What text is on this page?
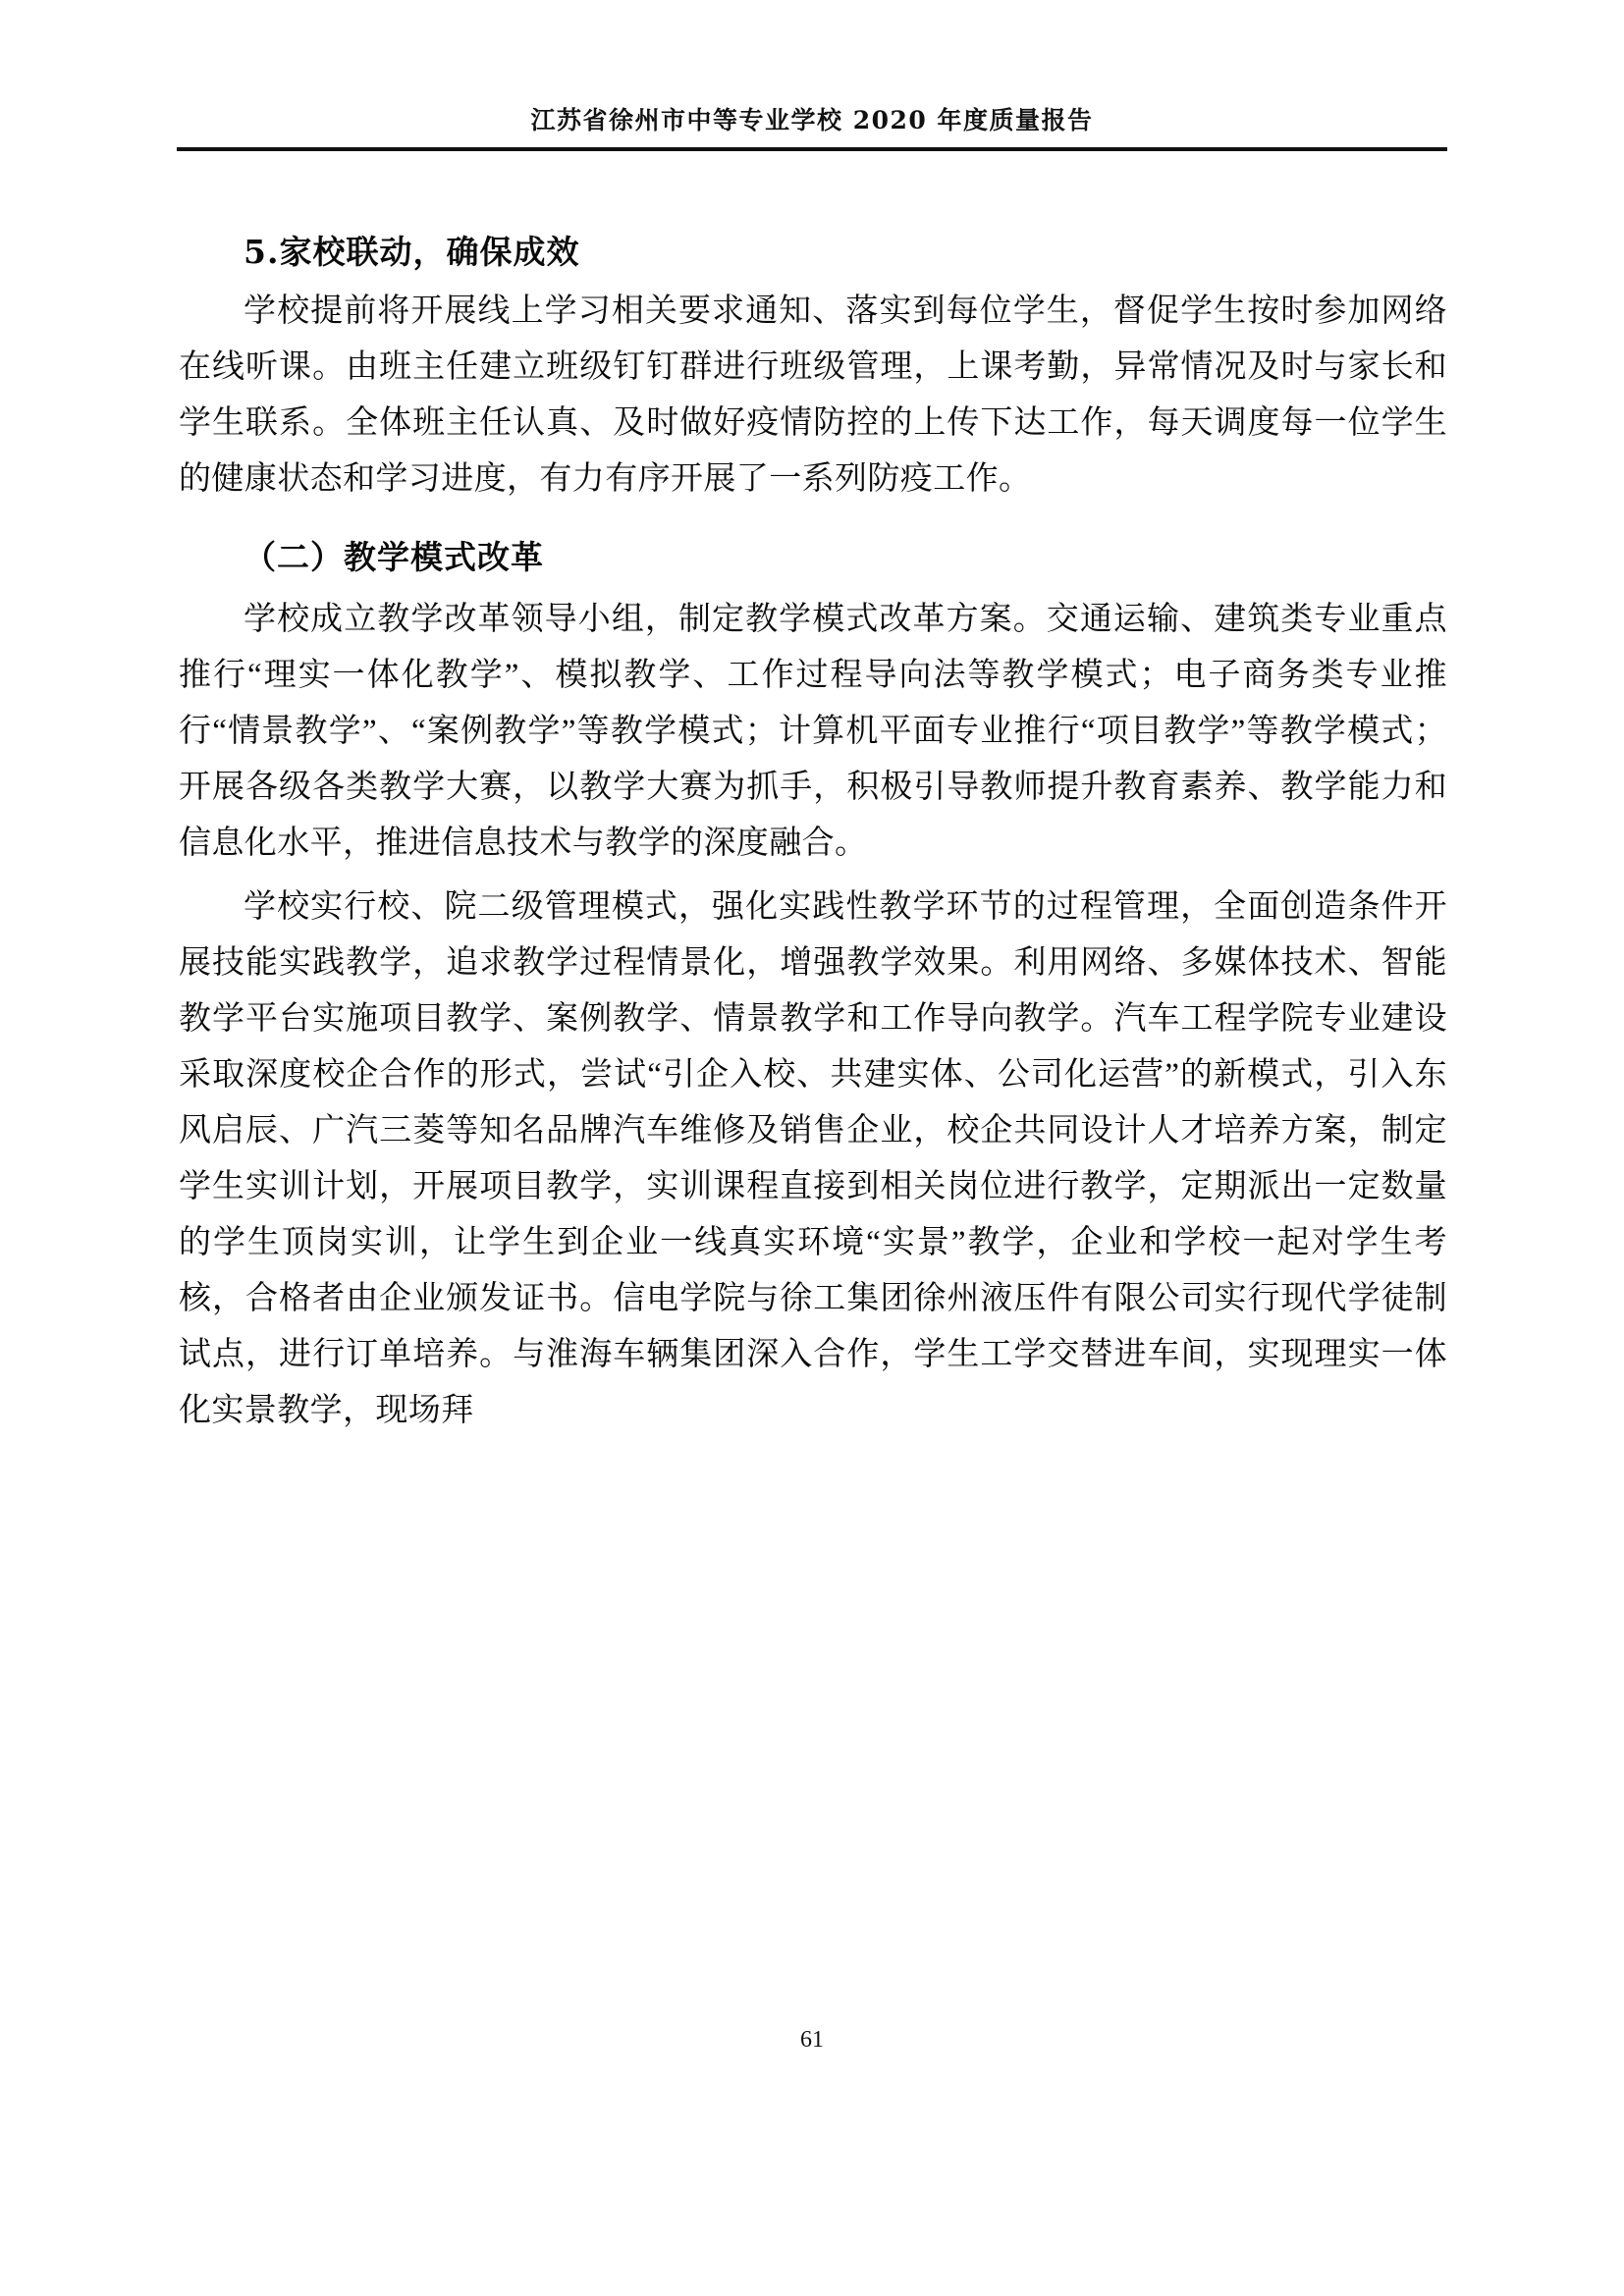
江苏省徐州市中等专业学校 2020 年度质量报告
5.家校联动，确保成效

学校提前将开展线上学习相关要求通知、落实到每位学生，督促学生按时参加网络在线听课。由班主任建立班级钉钉群进行班级管理，上课考勤，异常情况及时与家长和学生联系。全体班主任认真、及时做好疫情防控的上传下达工作，每天调度每一位学生的健康状态和学习进度，有力有序开展了一系列防疫工作。

（二）教学模式改革

学校成立教学改革领导小组，制定教学模式改革方案。交通运输、建筑类专业重点推行“理实一体化教学”、模拟教学、工作过程导向法等教学模式；电子商务类专业推行“情景教学”、“案例教学”等教学模式；计算机平面专业推行“项目教学”等教学模式；开展各级各类教学大赛，以教学大赛为抓手，积极引导教师提升教育素养、教学能力和信息化水平，推进信息技术与教学的深度融合。

学校实行校、院二级管理模式，强化实践性教学环节的过程管理，全面创造条件开展技能实践教学，追求教学过程情景化，增强教学效果。利用网络、多媒体技术、智能教学平台实施项目教学、案例教学、情景教学和工作导向教学。汽车工程学院专业建设采取深度校企合作的形式，尝试“引企入校、共建实体、公司化运营”的新模式，引入东风启辰、广汽三菱等知名品牌汽车维修及销售企业，校企共同设计人才培养方案，制定学生实训计划，开展项目教学，实训课程直接到相关岗位进行教学，定期派出一定数量的学生顶岗实训，让学生到企业一线真实环境“实景”教学，企业和学校一起对学生考核，合格者由企业颁发证书。信电学院与徐工集团徐州液压件有限公司实行现代学徒制试点，进行订单培养。与淮海车辆集团深入合作，学生工学交替进车间，实现理实一体化实景教学，现场拜

61
